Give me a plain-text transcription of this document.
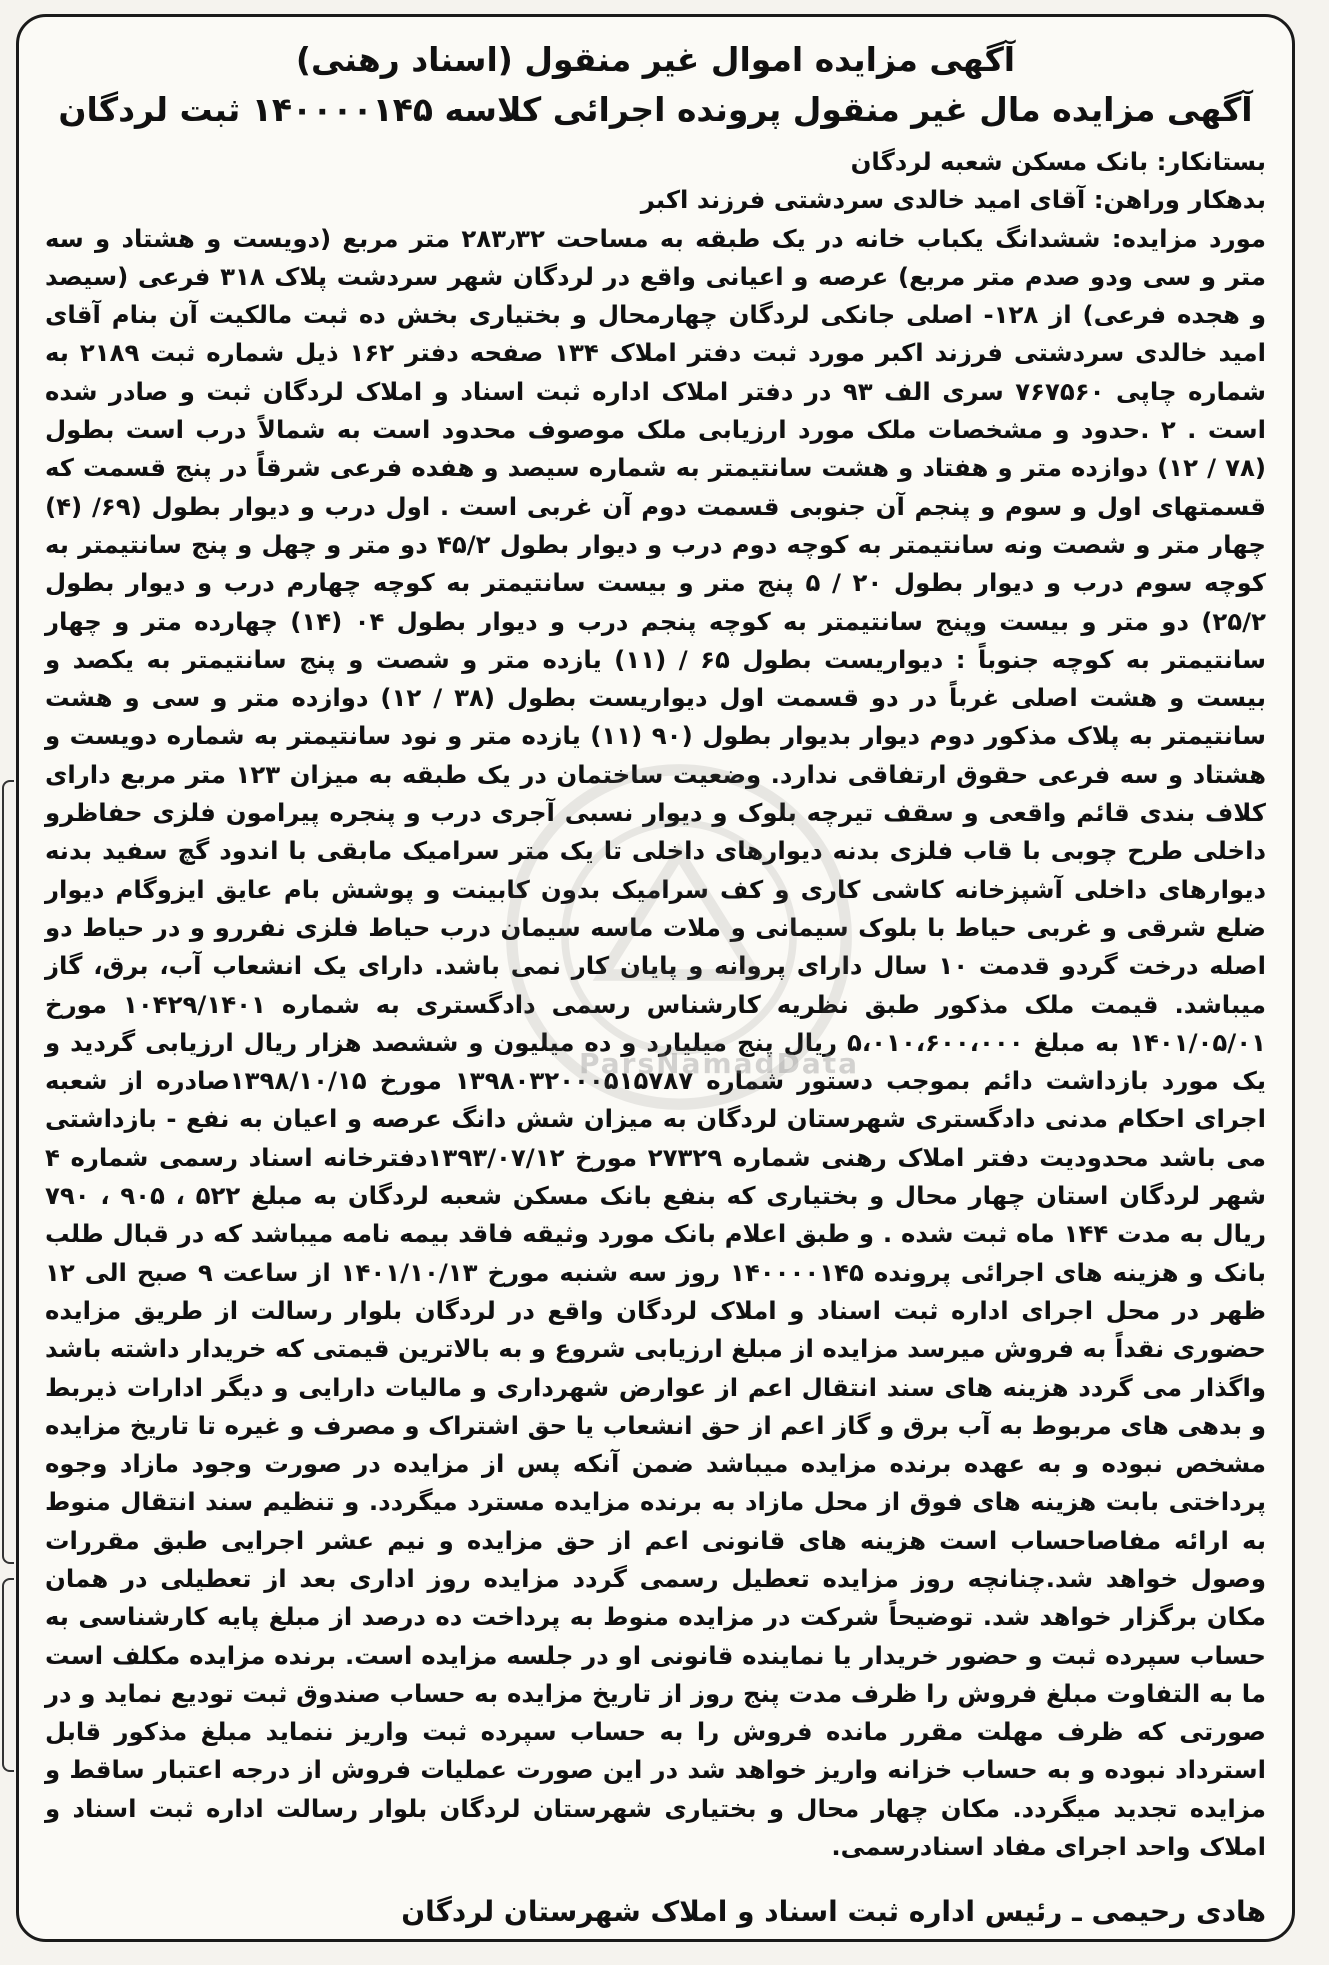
آگهی مزایده اموال غیر منقول (اسناد رهنی)
آگهی مزایده مال غیر منقول پرونده اجرائی کلاسه ۱۴۰۰۰۰۱۴۵ ثبت لردگان

بستانکار: بانک مسکن شعبه لردگان

بدهکار وراهن: آقای امید خالدی سردشتی فرزند اکبر

مورد مزایده: ششدانگ یکباب خانه در یک طبقه به مساحت ۲۸۳٫۳۲ متر مربع (دویست و هشتاد و سه متر و سی ودو صدم متر مربع) عرصه و اعیانی واقع در لردگان شهر سردشت پلاک ۳۱۸ فرعی (سیصد و هجده فرعی) از ۱۲۸- اصلی جانکی لردگان چهارمحال و بختیاری بخش ده ثبت مالکیت آن بنام آقای امید خالدی سردشتی فرزند اکبر مورد ثبت دفتر املاک ۱۳۴ صفحه دفتر ۱۶۲ ذیل شماره ثبت ۲۱۸۹ به شماره چاپی ۷۶۷۵۶۰ سری الف ۹۳ در دفتر املاک اداره ثبت اسناد و املاک لردگان ثبت و صادر شده است . ۲ .حدود و مشخصات ملک مورد ارزیابی ملک موصوف محدود است به شمالاً درب است بطول (۷۸ / ۱۲) دوازده متر و هفتاد و هشت سانتیمتر به شماره سیصد و هفده فرعی شرقاً در پنج قسمت که قسمتهای اول و سوم و پنجم آن جنوبی قسمت دوم آن غربی است . اول درب و دیوار بطول (۶۹/ (۴) چهار متر و شصت ونه سانتیمتر به کوچه دوم درب و دیوار بطول ۴۵/۲ دو متر و چهل و پنج سانتیمتر به کوچه سوم درب و دیوار بطول ۲۰ / ۵ پنج متر و بیست سانتیمتر به کوچه چهارم درب و دیوار بطول ۲۵/۲) دو متر و بیست وپنج سانتیمتر به کوچه پنجم درب و دیوار بطول ۰۴ (۱۴) چهارده متر و چهار سانتیمتر به کوچه جنوباً : دیواریست بطول ۶۵ / (۱۱) یازده متر و شصت و پنج سانتیمتر به یکصد و بیست و هشت اصلی غرباً در دو قسمت اول دیواریست بطول (۳۸ / ۱۲) دوازده متر و سی و هشت سانتیمتر به پلاک مذکور دوم دیوار بدیوار بطول (۹۰ (۱۱) یازده متر و نود سانتیمتر به شماره دویست و هشتاد و سه فرعی حقوق ارتفاقی ندارد. وضعیت ساختمان در یک طبقه به میزان ۱۲۳ متر مربع دارای کلاف بندی قائم واقعی و سقف تیرچه بلوک و دیوار نسبی آجری درب و پنجره پیرامون فلزی حفاظرو داخلی طرح چوبی با قاب فلزی بدنه دیوارهای داخلی تا یک متر سرامیک مابقی با اندود گچ سفید بدنه دیوارهای داخلی آشپزخانه کاشی کاری و کف سرامیک بدون کابینت و پوشش بام عایق ایزوگام دیوار ضلع شرقی و غربی حیاط با بلوک سیمانی و ملات ماسه سیمان درب حیاط فلزی نفررو و در حیاط دو اصله درخت گردو قدمت ۱۰ سال دارای پروانه و پایان کار نمی باشد. دارای یک انشعاب آب، برق، گاز میباشد. قیمت ملک مذکور طبق نظریه کارشناس رسمی دادگستری به شماره ۱۰۴۲۹/۱۴۰۱ مورخ ۱۴۰۱/۰۵/۰۱ به مبلغ ۵،۰۱۰،۶۰۰،۰۰۰ ریال پنج میلیارد و ده میلیون و ششصد هزار ریال ارزیابی گردید و یک مورد بازداشت دائم بموجب دستور شماره ۱۳۹۸۰۳۲۰۰۰۵۱۵۷۸۷ مورخ ۱۳۹۸/۱۰/۱۵صادره از شعبه اجرای احکام مدنی دادگستری شهرستان لردگان به میزان شش دانگ عرصه و اعیان به نفع - بازداشتی می باشد محدودیت دفتر املاک رهنی شماره ۲۷۳۲۹ مورخ ۱۳۹۳/۰۷/۱۲دفترخانه اسناد رسمی شماره ۴ شهر لردگان استان چهار محال و بختیاری که بنفع بانک مسکن شعبه لردگان به مبلغ ۵۲۲ ، ۹۰۵ ، ۷۹۰ ریال به مدت ۱۴۴ ماه ثبت شده . و طبق اعلام بانک مورد وثیقه فاقد بیمه نامه میباشد که در قبال طلب بانک و هزینه های اجرائی پرونده ۱۴۰۰۰۰۱۴۵ روز سه شنبه مورخ ۱۴۰۱/۱۰/۱۳ از ساعت ۹ صبح الی ۱۲ ظهر در محل اجرای اداره ثبت اسناد و املاک لردگان واقع در لردگان بلوار رسالت از طریق مزایده حضوری نقداً به فروش میرسد مزایده از مبلغ ارزیابی شروع و به بالاترین قیمتی که خریدار داشته باشد واگذار می گردد هزینه های سند انتقال اعم از عوارض شهرداری و مالیات دارایی و دیگر ادارات ذیربط و بدهی های مربوط به آب برق و گاز اعم از حق انشعاب یا حق اشتراک و مصرف و غیره تا تاریخ مزایده مشخص نبوده و به عهده برنده مزایده میباشد ضمن آنکه پس از مزایده در صورت وجود مازاد وجوه پرداختی بابت هزینه های فوق از محل مازاد به برنده مزایده مسترد میگردد. و تنظیم سند انتقال منوط به ارائه مفاصاحساب است هزینه های قانونی اعم از حق مزایده و نیم عشر اجرایی طبق مقررات وصول خواهد شد.چنانچه روز مزایده تعطیل رسمی گردد مزایده روز اداری بعد از تعطیلی در همان مکان برگزار خواهد شد. توضیحاً شرکت در مزایده منوط به پرداخت ده درصد از مبلغ پایه کارشناسی به حساب سپرده ثبت و حضور خریدار یا نماینده قانونی او در جلسه مزایده است. برنده مزایده مکلف است ما به التفاوت مبلغ فروش را ظرف مدت پنج روز از تاریخ مزایده به حساب صندوق ثبت تودیع نماید و در صورتی که ظرف مهلت مقرر مانده فروش را به حساب سپرده ثبت واریز ننماید مبلغ مذکور قابل استرداد نبوده و به حساب خزانه واریز خواهد شد در این صورت عملیات فروش از درجه اعتبار ساقط و مزایده تجدید میگردد. مکان چهار محال و بختیاری شهرستان لردگان بلوار رسالت اداره ثبت اسناد و املاک واحد اجرای مفاد اسنادرسمی.

هادی رحیمی ـ رئیس اداره ثبت اسناد و املاک شهرستان لردگان
ParsNamadData
